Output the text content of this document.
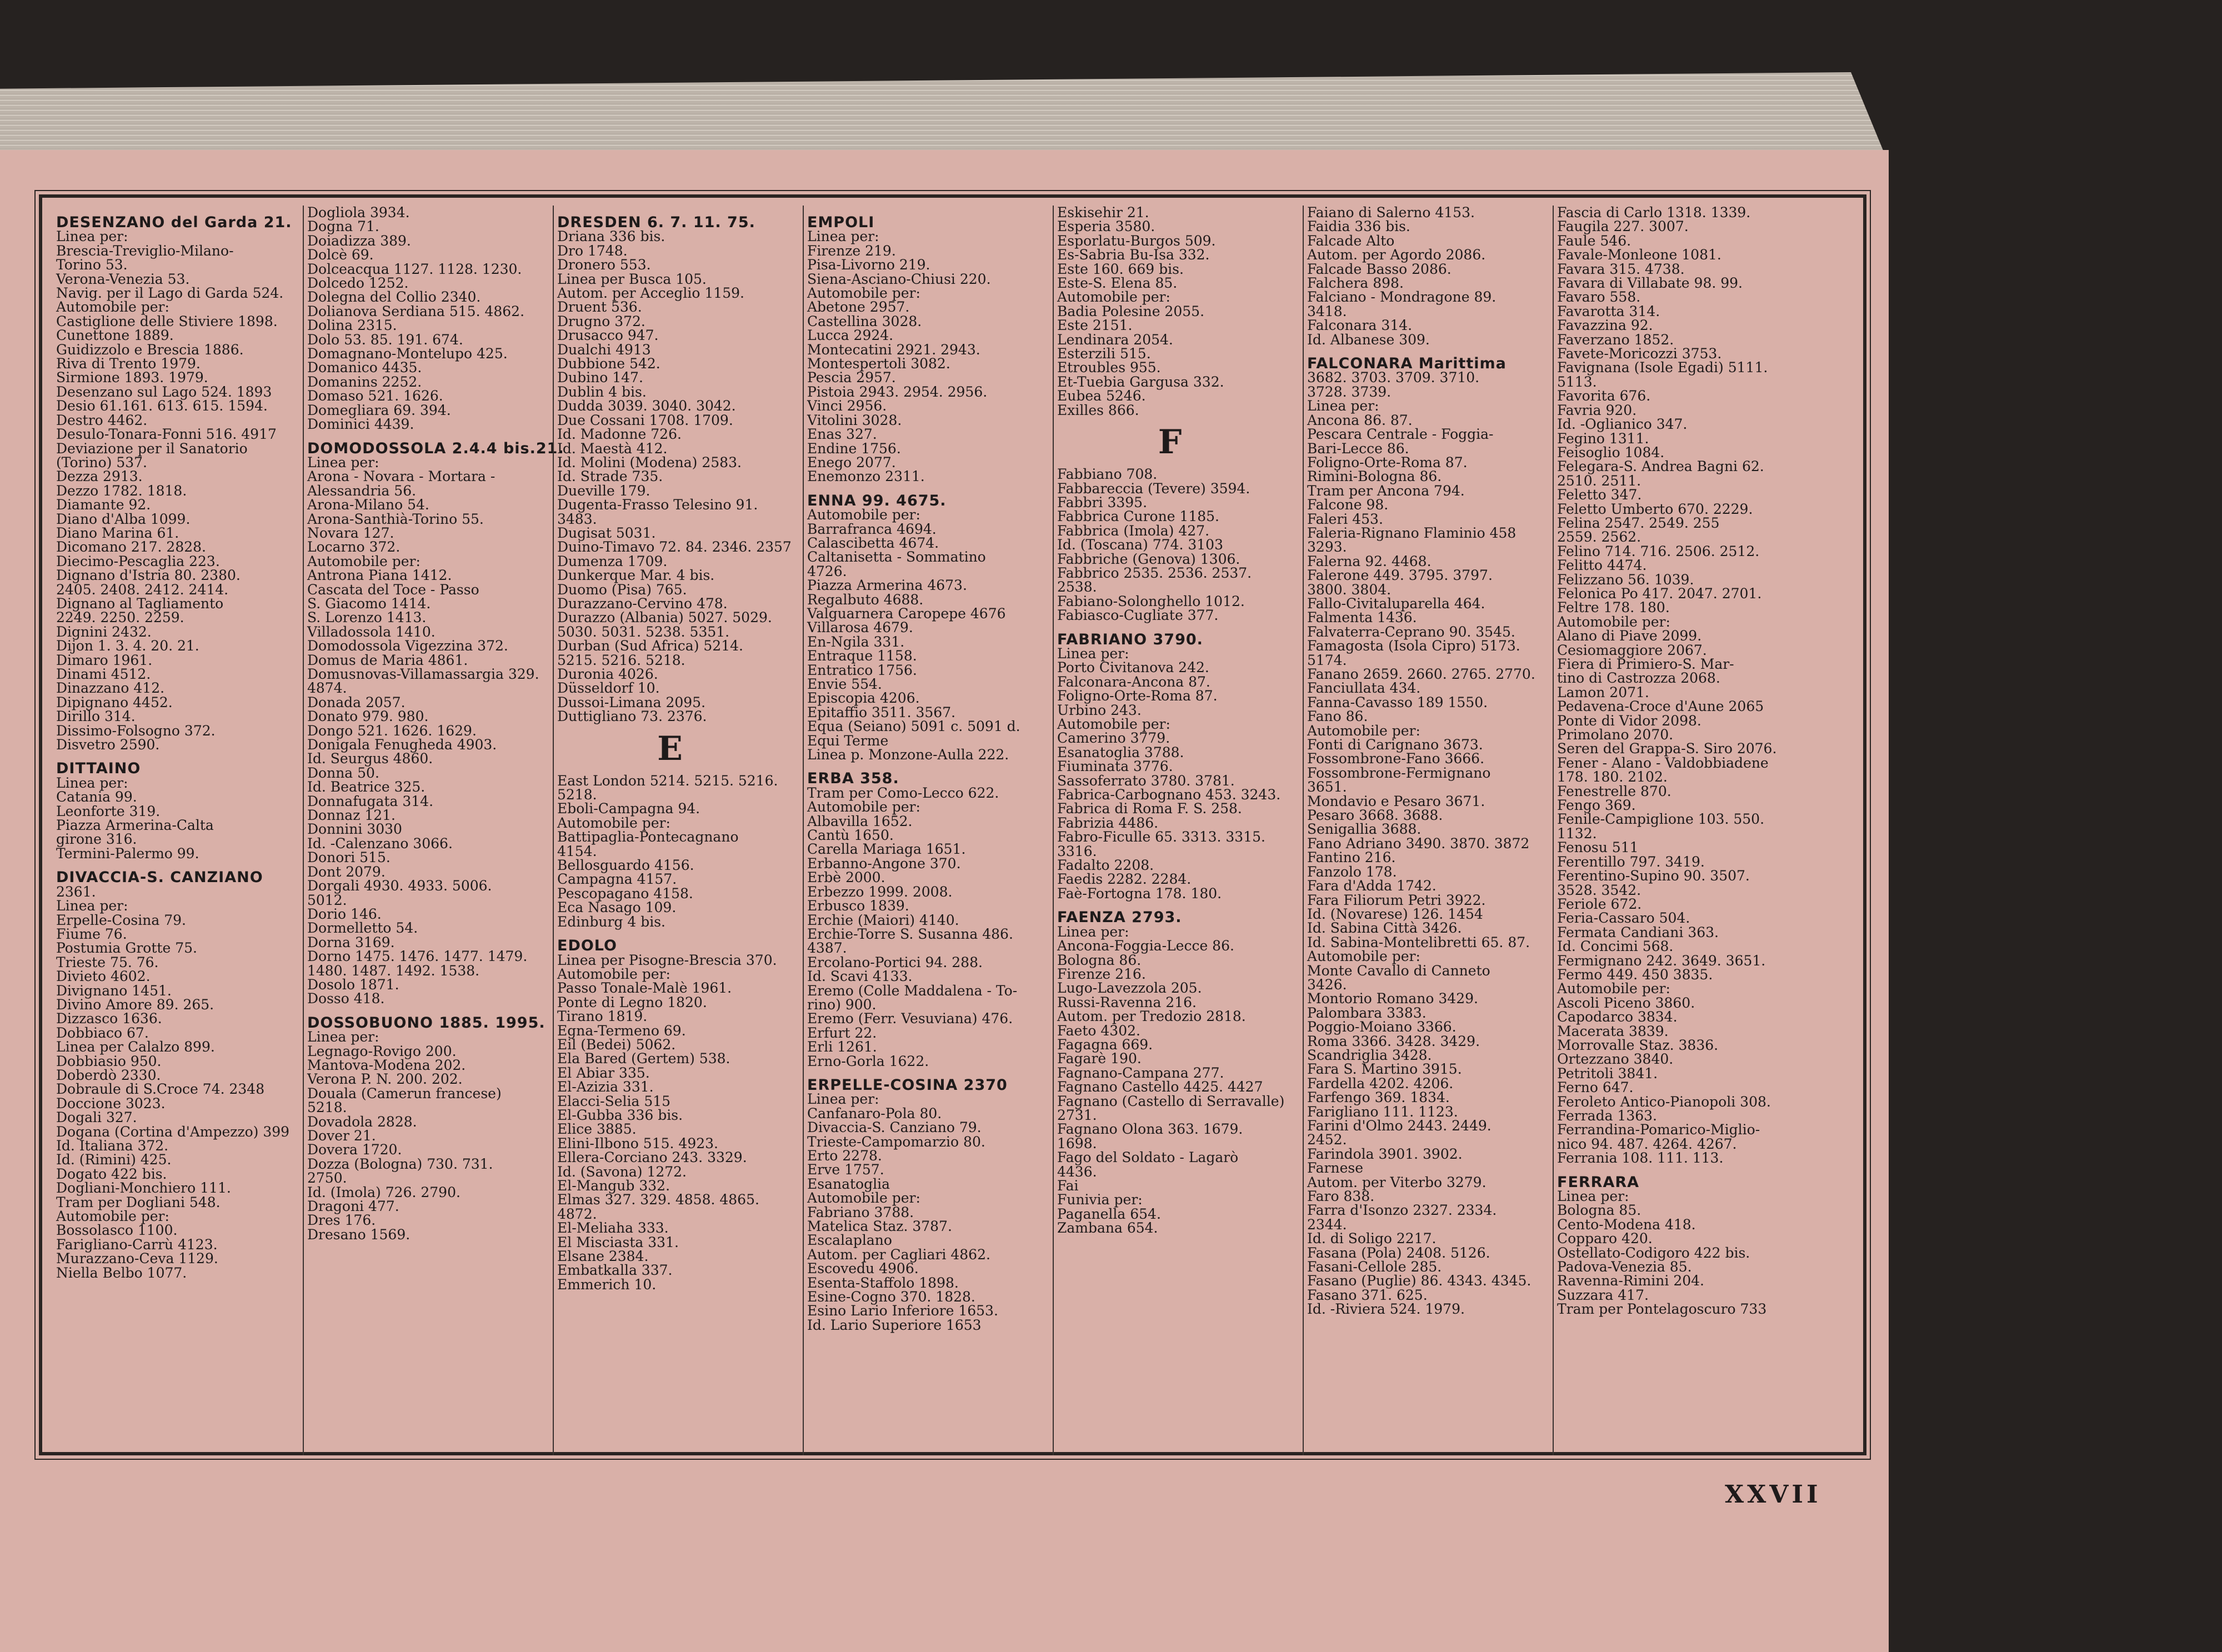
DESENZANO del Garda 21.
Linea per:
Brescia-Treviglio-Milano-
Torino 53.
Verona-Venezia 53.
Navig. per il Lago di Garda 524.
Automobile per:
Castiglione delle Stiviere 1898.
Cunettone 1889.
Guidizzolo e Brescia 1886.
Riva di Trento 1979.
Sirmione 1893. 1979.
Desenzano sul Lago 524. 1893
Desio 61.161. 613. 615. 1594.
Destro 4462.
Desulo-Tonara-Fonni 516. 4917
Deviazione per il Sanatorio
(Torino) 537.
Dezza 2913.
Dezzo 1782. 1818.
Diamante 92.
Diano d'Alba 1099.
Diano Marina 61.
Dicomano 217. 2828.
Diecimo-Pescaglia 223.
Dignano d'Istria 80. 2380.
2405. 2408. 2412. 2414.
Dignano al Tagliamento
2249. 2250. 2259.
Dignini 2432.
Dijon 1. 3. 4. 20. 21.
Dimaro 1961.
Dinami 4512.
Dinazzano 412.
Dipignano 4452.
Dirillo 314.
Dissimo-Folsogno 372.
Disvetro 2590.
DITTAINO
Linea per:
Catania 99.
Leonforte 319.
Piazza Armerina-Calta
girone 316.
Termini-Palermo 99.
DIVACCIA-S. CANZIANO
2361.
Linea per:
Erpelle-Cosina 79.
Fiume 76.
Postumia Grotte 75.
Trieste 75. 76.
Divieto 4602.
Divignano 1451.
Divino Amore 89. 265.
Dizzasco 1636.
Dobbiaco 67.
Linea per Calalzo 899.
Dobbiasio 950.
Doberdò 2330.
Dobraule di S.Croce 74. 2348
Doccione 3023.
Dogali 327.
Dogana (Cortina d'Ampezzo) 399
Id. Italiana 372.
Id. (Rimini) 425.
Dogato 422 bis.
Dogliani-Monchiero 111.
Tram per Dogliani 548.
Automobile per:
Bossolasco 1100.
Farigliano-Carrù 4123.
Murazzano-Ceva 1129.
Niella Belbo 1077.
Dogliola 3934.
Dogna 71.
Doiadizza 389.
Dolcè 69.
Dolceacqua 1127. 1128. 1230.
Dolcedo 1252.
Dolegna del Collio 2340.
Dolianova Serdiana 515. 4862.
Dolina 2315.
Dolo 53. 85. 191. 674.
Domagnano-Montelupo 425.
Domanico 4435.
Domanins 2252.
Domaso 521. 1626.
Domegliara 69. 394.
Dominici 4439.
DOMODOSSOLA 2.4.4 bis.21.
Linea per:
Arona - Novara - Mortara -
Alessandria 56.
Arona-Milano 54.
Arona-Santhià-Torino 55.
Novara 127.
Locarno 372.
Automobile per:
Antrona Piana 1412.
Cascata del Toce - Passo
S. Giacomo 1414.
S. Lorenzo 1413.
Villadossola 1410.
Domodossola Vigezzina 372.
Domus de Maria 4861.
Domusnovas-Villamassargia 329.
4874.
Donada 2057.
Donato 979. 980.
Dongo 521. 1626. 1629.
Donigala Fenugheda 4903.
Id. Seurgus 4860.
Donna 50.
Id. Beatrice 325.
Donnafugata 314.
Donnaz 121.
Donnini 3030
Id. -Calenzano 3066.
Donori 515.
Dont 2079.
Dorgali 4930. 4933. 5006.
5012.
Dorio 146.
Dormelletto 54.
Dorna 3169.
Dorno 1475. 1476. 1477. 1479.
1480. 1487. 1492. 1538.
Dosolo 1871.
Dosso 418.
DOSSOBUONO 1885. 1995.
Linea per:
Legnago-Rovigo 200.
Mantova-Modena 202.
Verona P. N. 200. 202.
Douala (Camerun francese)
5218.
Dovadola 2828.
Dover 21.
Dovera 1720.
Dozza (Bologna) 730. 731.
2750.
Id. (Imola) 726. 2790.
Dragoni 477.
Dres 176.
Dresano 1569.
DRESDEN 6. 7. 11. 75.
Driana 336 bis.
Dro 1748.
Dronero 553.
Linea per Busca 105.
Autom. per Acceglio 1159.
Druent 536.
Drugno 372.
Drusacco 947.
Dualchi 4913
Dubbione 542.
Dubino 147.
Dublin 4 bis.
Dudda 3039. 3040. 3042.
Due Cossani 1708. 1709.
Id. Madonne 726.
Id. Maestà 412.
Id. Molini (Modena) 2583.
Id. Strade 735.
Dueville 179.
Dugenta-Frasso Telesino 91.
3483.
Dugisat 5031.
Duino-Timavo 72. 84. 2346. 2357
Dumenza 1709.
Dunkerque Mar. 4 bis.
Duomo (Pisa) 765.
Durazzano-Cervino 478.
Durazzo (Albania) 5027. 5029.
5030. 5031. 5238. 5351.
Durban (Sud Africa) 5214.
5215. 5216. 5218.
Duronia 4026.
Düsseldorf 10.
Dussoi-Limana 2095.
Duttigliano 73. 2376.
E
East London 5214. 5215. 5216.
5218.
Eboli-Campagna 94.
Automobile per:
Battipaglia-Pontecagnano
4154.
Bellosguardo 4156.
Campagna 4157.
Pescopagano 4158.
Eca Nasago 109.
Edinburg 4 bis.
EDOLO
Linea per Pisogne-Brescia 370.
Automobile per:
Passo Tonale-Malè 1961.
Ponte di Legno 1820.
Tirano 1819.
Egna-Termeno 69.
Eil (Bedei) 5062.
Ela Bared (Gertem) 538.
El Abiar 335.
El-Azizia 331.
Elacci-Selia 515
El-Gubba 336 bis.
Elice 3885.
Elini-Ilbono 515. 4923.
Ellera-Corciano 243. 3329.
Id. (Savona) 1272.
El-Mangub 332.
Elmas 327. 329. 4858. 4865.
4872.
El-Meliaha 333.
El Misciasta 331.
Elsane 2384.
Embatkalla 337.
Emmerich 10.
EMPOLI
Linea per:
Firenze 219.
Pisa-Livorno 219.
Siena-Asciano-Chiusi 220.
Automobile per:
Abetone 2957.
Castellina 3028.
Lucca 2924.
Montecatini 2921. 2943.
Montespertoli 3082.
Pescia 2957.
Pistoia 2943. 2954. 2956.
Vinci 2956.
Vitolini 3028.
Enas 327.
Endine 1756.
Enego 2077.
Enemonzo 2311.
ENNA 99. 4675.
Automobile per:
Barrafranca 4694.
Calascibetta 4674.
Caltanisetta - Sommatino
4726.
Piazza Armerina 4673.
Regalbuto 4688.
Valguarnera Caropepe 4676
Villarosa 4679.
En-Ngila 331.
Entraque 1158.
Entratico 1756.
Envie 554.
Episcopia 4206.
Epitaffio 3511. 3567.
Equa (Seiano) 5091 c. 5091 d.
Equi Terme
Linea p. Monzone-Aulla 222.
ERBA 358.
Tram per Como-Lecco 622.
Automobile per:
Albavilla 1652.
Cantù 1650.
Carella Mariaga 1651.
Erbanno-Angone 370.
Erbè 2000.
Erbezzo 1999. 2008.
Erbusco 1839.
Erchie (Maiori) 4140.
Erchie-Torre S. Susanna 486.
4387.
Ercolano-Portici 94. 288.
Id. Scavi 4133.
Eremo (Colle Maddalena - To-
rino) 900.
Eremo (Ferr. Vesuviana) 476.
Erfurt 22.
Erli 1261.
Erno-Gorla 1622.
ERPELLE-COSINA 2370
Linea per:
Canfanaro-Pola 80.
Divaccia-S. Canziano 79.
Trieste-Campomarzio 80.
Erto 2278.
Erve 1757.
Esanatoglia
Automobile per:
Fabriano 3788.
Matelica Staz. 3787.
Escalaplano
Autom. per Cagliari 4862.
Escovedu 4906.
Esenta-Staffolo 1898.
Esine-Cogno 370. 1828.
Esino Lario Inferiore 1653.
Id. Lario Superiore 1653
Eskisehir 21.
Esperia 3580.
Esporlatu-Burgos 509.
Es-Sabria Bu-Isa 332.
Este 160. 669 bis.
Este-S. Elena 85.
Automobile per:
Badia Polesine 2055.
Este 2151.
Lendinara 2054.
Esterzili 515.
Etroubles 955.
Et-Tuebia Gargusa 332.
Eubea 5246.
Exilles 866.
F
Fabbiano 708.
Fabbareccia (Tevere) 3594.
Fabbri 3395.
Fabbrica Curone 1185.
Fabbrica (Imola) 427.
Id. (Toscana) 774. 3103
Fabbriche (Genova) 1306.
Fabbrico 2535. 2536. 2537.
2538.
Fabiano-Solonghello 1012.
Fabiasco-Cugliate 377.
FABRIANO 3790.
Linea per:
Porto Civitanova 242.
Falconara-Ancona 87.
Foligno-Orte-Roma 87.
Urbino 243.
Automobile per:
Camerino 3779.
Esanatoglia 3788.
Fiuminata 3776.
Sassoferrato 3780. 3781.
Fabrica-Carbognano 453. 3243.
Fabrica di Roma F. S. 258.
Fabrizia 4486.
Fabro-Ficulle 65. 3313. 3315.
3316.
Fadalto 2208.
Faedis 2282. 2284.
Faè-Fortogna 178. 180.
FAENZA 2793.
Linea per:
Ancona-Foggia-Lecce 86.
Bologna 86.
Firenze 216.
Lugo-Lavezzola 205.
Russi-Ravenna 216.
Autom. per Tredozio 2818.
Faeto 4302.
Fagagna 669.
Fagarè 190.
Fagnano-Campana 277.
Fagnano Castello 4425. 4427
Fagnano (Castello di Serravalle)
2731.
Fagnano Olona 363. 1679.
1698.
Fago del Soldato - Lagarò
4436.
Fai
Funivia per:
Paganella 654.
Zambana 654.
Faiano di Salerno 4153.
Faidia 336 bis.
Falcade Alto
Autom. per Agordo 2086.
Falcade Basso 2086.
Falchera 898.
Falciano - Mondragone 89.
3418.
Falconara 314.
Id. Albanese 309.
FALCONARA Marittima
3682. 3703. 3709. 3710.
3728. 3739.
Linea per:
Ancona 86. 87.
Pescara Centrale - Foggia-
Bari-Lecce 86.
Foligno-Orte-Roma 87.
Rimini-Bologna 86.
Tram per Ancona 794.
Falcone 98.
Faleri 453.
Faleria-Rignano Flaminio 458
3293.
Falerna 92. 4468.
Falerone 449. 3795. 3797.
3800. 3804.
Fallo-Civitaluparella 464.
Falmenta 1436.
Falvaterra-Ceprano 90. 3545.
Famagosta (Isola Cipro) 5173.
5174.
Fanano 2659. 2660. 2765. 2770.
Fanciullata 434.
Fanna-Cavasso 189 1550.
Fano 86.
Automobile per:
Fonti di Carignano 3673.
Fossombrone-Fano 3666.
Fossombrone-Fermignano
3651.
Mondavio e Pesaro 3671.
Pesaro 3668. 3688.
Senigallia 3688.
Fano Adriano 3490. 3870. 3872
Fantino 216.
Fanzolo 178.
Fara d'Adda 1742.
Fara Filiorum Petri 3922.
Id. (Novarese) 126. 1454
Id. Sabina Città 3426.
Id. Sabina-Montelibretti 65. 87.
Automobile per:
Monte Cavallo di Canneto
3426.
Montorio Romano 3429.
Palombara 3383.
Poggio-Moiano 3366.
Roma 3366. 3428. 3429.
Scandriglia 3428.
Fara S. Martino 3915.
Fardella 4202. 4206.
Farfengo 369. 1834.
Farigliano 111. 1123.
Farini d'Olmo 2443. 2449.
2452.
Farindola 3901. 3902.
Farnese
Autom. per Viterbo 3279.
Faro 838.
Farra d'Isonzo 2327. 2334.
2344.
Id. di Soligo 2217.
Fasana (Pola) 2408. 5126.
Fasani-Cellole 285.
Fasano (Puglie) 86. 4343. 4345.
Fasano 371. 625.
Id. -Riviera 524. 1979.
Fascia di Carlo 1318. 1339.
Faugila 227. 3007.
Faule 546.
Favale-Monleone 1081.
Favara 315. 4738.
Favara di Villabate 98. 99.
Favaro 558.
Favarotta 314.
Favazzina 92.
Faverzano 1852.
Favete-Moricozzi 3753.
Favignana (Isole Egadi) 5111.
5113.
Favorita 676.
Favria 920.
Id. -Oglianico 347.
Fegino 1311.
Feisoglio 1084.
Felegara-S. Andrea Bagni 62.
2510. 2511.
Feletto 347.
Feletto Umberto 670. 2229.
Felina 2547. 2549. 255
2559. 2562.
Felino 714. 716. 2506. 2512.
Felitto 4474.
Felizzano 56. 1039.
Felonica Po 417. 2047. 2701.
Feltre 178. 180.
Automobile per:
Alano di Piave 2099.
Cesiomaggiore 2067.
Fiera di Primiero-S. Mar-
tino di Castrozza 2068.
Lamon 2071.
Pedavena-Croce d'Aune 2065
Ponte di Vidor 2098.
Primolano 2070.
Seren del Grappa-S. Siro 2076.
Fener - Alano - Valdobbiadene
178. 180. 2102.
Fenestrelle 870.
Fengo 369.
Fenile-Campiglione 103. 550.
1132.
Fenosu 511
Ferentillo 797. 3419.
Ferentino-Supino 90. 3507.
3528. 3542.
Feriole 672.
Feria-Cassaro 504.
Fermata Candiani 363.
Id. Concimi 568.
Fermignano 242. 3649. 3651.
Fermo 449. 450 3835.
Automobile per:
Ascoli Piceno 3860.
Capodarco 3834.
Macerata 3839.
Morrovalle Staz. 3836.
Ortezzano 3840.
Petritoli 3841.
Ferno 647.
Feroleto Antico-Pianopoli 308.
Ferrada 1363.
Ferrandina-Pomarico-Miglio-
nico 94. 487. 4264. 4267.
Ferrania 108. 111. 113.
FERRARA
Linea per:
Bologna 85.
Cento-Modena 418.
Copparo 420.
Ostellato-Codigoro 422 bis.
Padova-Venezia 85.
Ravenna-Rimini 204.
Suzzara 417.
Tram per Pontelagoscuro 733
XXVII
